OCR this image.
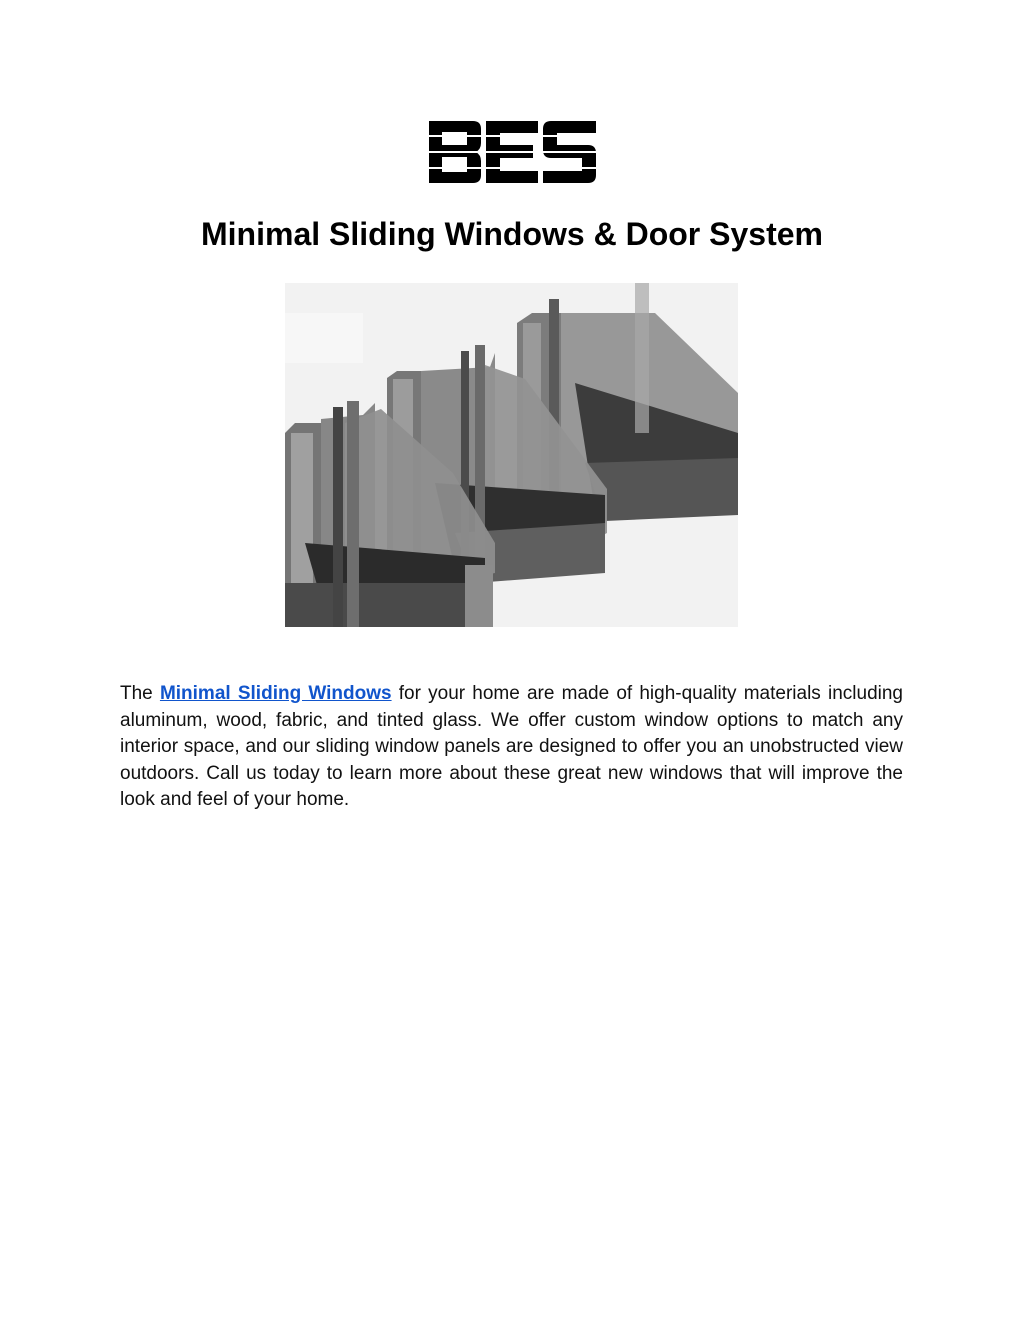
Minimal Sliding Windows & Door System

The Minimal Sliding Windows for your home are made of high-quality materials including aluminum, wood, fabric, and tinted glass. We offer custom window options to match any interior space, and our sliding window panels are designed to offer you an unobstructed view outdoors. Call us today to learn more about these great new windows that will improve the look and feel of your home.
